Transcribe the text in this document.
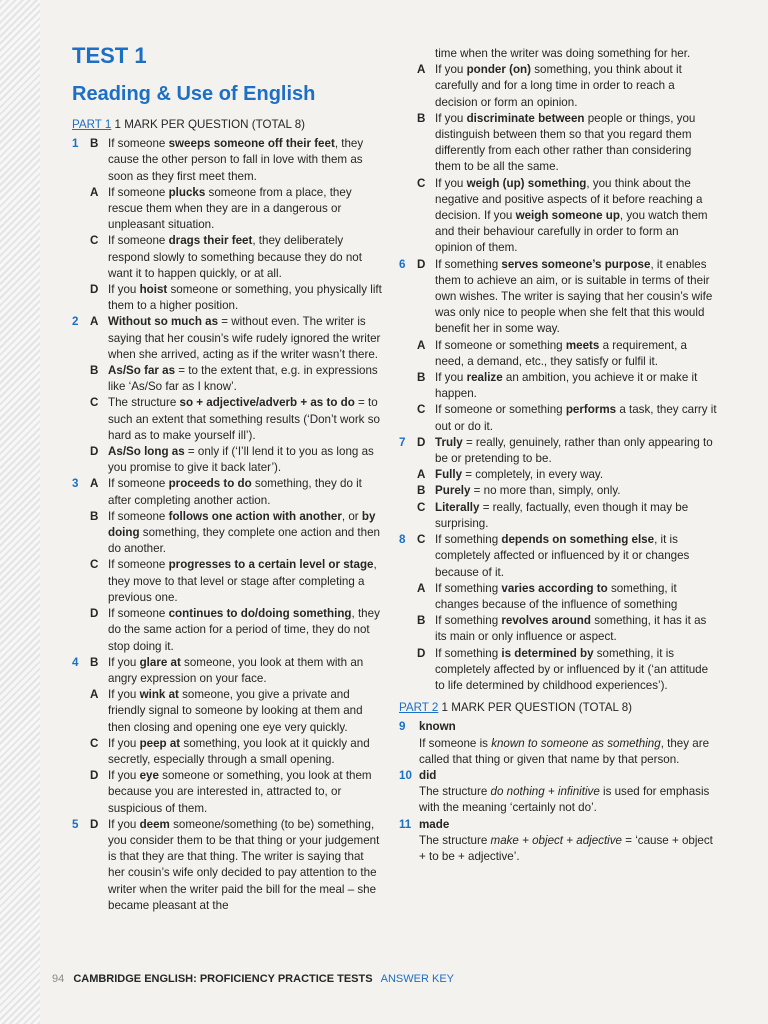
TEST 1
Reading & Use of English
PART 1 1 MARK PER QUESTION (TOTAL 8)
1 B If someone sweeps someone off their feet, they cause the other person to fall in love with them as soon as they first meet them.
A If someone plucks someone from a place, they rescue them when they are in a dangerous or unpleasant situation.
C If someone drags their feet, they deliberately respond slowly to something because they do not want it to happen quickly, or at all.
D If you hoist someone or something, you physically lift them to a higher position.
2 A Without so much as = without even. The writer is saying that her cousin’s wife rudely ignored the writer when she arrived, acting as if the writer wasn’t there.
B As/So far as = to the extent that, e.g. in expressions like ‘As/So far as I know’.
C The structure so + adjective/adverb + as to do = to such an extent that something results (‘Don’t work so hard as to make yourself ill’).
D As/So long as = only if (‘I’ll lend it to you as long as you promise to give it back later’).
3 A If someone proceeds to do something, they do it after completing another action.
B If someone follows one action with another, or by doing something, they complete one action and then do another.
C If someone progresses to a certain level or stage, they move to that level or stage after completing a previous one.
D If someone continues to do/doing something, they do the same action for a period of time, they do not stop doing it.
4 B If you glare at someone, you look at them with an angry expression on your face.
A If you wink at someone, you give a private and friendly signal to someone by looking at them and then closing and opening one eye very quickly.
C If you peep at something, you look at it quickly and secretly, especially through a small opening.
D If you eye someone or something, you look at them because you are interested in, attracted to, or suspicious of them.
5 D If you deem someone/something (to be) something, you consider them to be that thing or your judgement is that they are that thing. The writer is saying that her cousin’s wife only decided to pay attention to the writer when the writer paid the bill for the meal – she became pleasant at the
time when the writer was doing something for her.
A If you ponder (on) something, you think about it carefully and for a long time in order to reach a decision or form an opinion.
B If you discriminate between people or things, you distinguish between them so that you regard them differently from each other rather than considering them to be all the same.
C If you weigh (up) something, you think about the negative and positive aspects of it before reaching a decision. If you weigh someone up, you watch them and their behaviour carefully in order to form an opinion of them.
6 D If something serves someone’s purpose, it enables them to achieve an aim, or is suitable in terms of their own wishes. The writer is saying that her cousin’s wife was only nice to people when she felt that this would benefit her in some way.
A If someone or something meets a requirement, a need, a demand, etc., they satisfy or fulfil it.
B If you realize an ambition, you achieve it or make it happen.
C If someone or something performs a task, they carry it out or do it.
7 D Truly = really, genuinely, rather than only appearing to be or pretending to be.
A Fully = completely, in every way.
B Purely = no more than, simply, only.
C Literally = really, factually, even though it may be surprising.
8 C If something depends on something else, it is completely affected or influenced by it or changes because of it.
A If something varies according to something, it changes because of the influence of something
B If something revolves around something, it has it as its main or only influence or aspect.
D If something is determined by something, it is completely affected by or influenced by it (‘an attitude to life determined by childhood experiences’).
PART 2 1 MARK PER QUESTION (TOTAL 8)
9 known
If someone is known to someone as something, they are called that thing or given that name by that person.
10 did
The structure do nothing + infinitive is used for emphasis with the meaning ‘certainly not do’.
11 made
The structure make + object + adjective = ‘cause + object + to be + adjective’.
94 CAMBRIDGE ENGLISH: PROFICIENCY PRACTICE TESTS ANSWER KEY
